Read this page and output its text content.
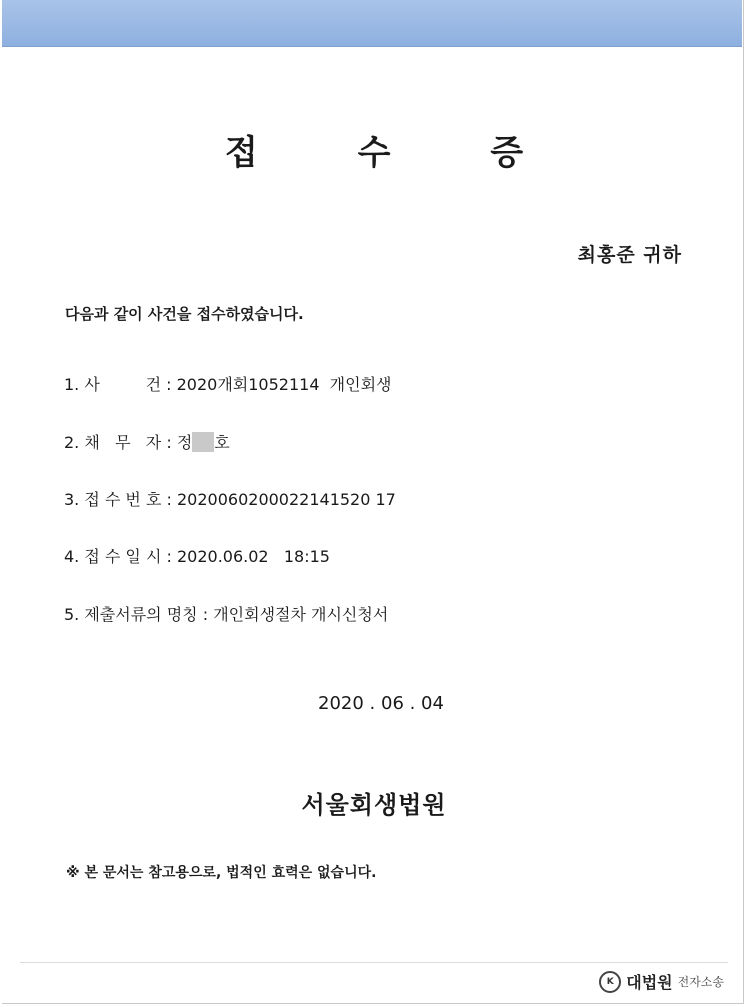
접 수 증
최홍준 귀하
다음과 같이 사건을 접수하였습니다.
1. 사         건 : 2020개회1052114  개인회생
2. 채   무   자 : 정 호
3. 접 수 번 호 : 2020060200022141520 17
4. 접 수 일 시 : 2020.06.02   18:15
5. 제출서류의 명칭 : 개인회생절차 개시신청서
2020 . 06 . 04
서울회생법원
※ 본 문서는 참고용으로, 법적인 효력은 없습니다.
K 대법원 전자소송
